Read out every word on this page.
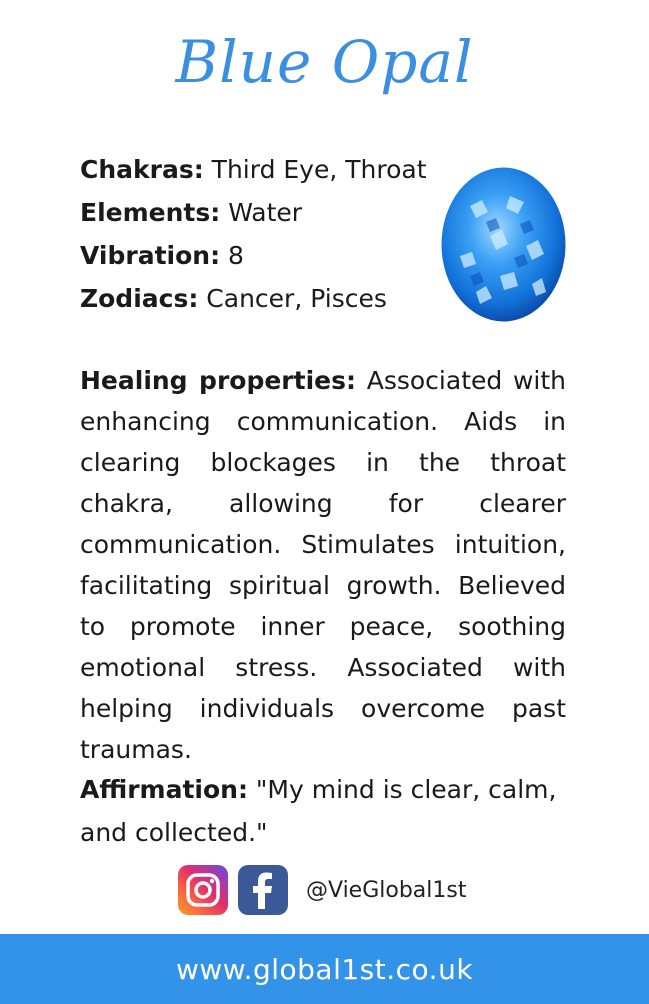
Blue Opal
Chakras: Third Eye, Throat
Elements: Water
Vibration: 8
Zodiacs: Cancer, Pisces
Healing properties: Associated with enhancing communication. Aids in clearing blockages in the throat chakra, allowing for clearer communication. Stimulates intuition, facilitating spiritual growth. Believed to promote inner peace, soothing emotional stress. Associated with helping individuals overcome past traumas.
Affirmation: "My mind is clear, calm, and collected."
@VieGlobal1st
www.global1st.co.uk
